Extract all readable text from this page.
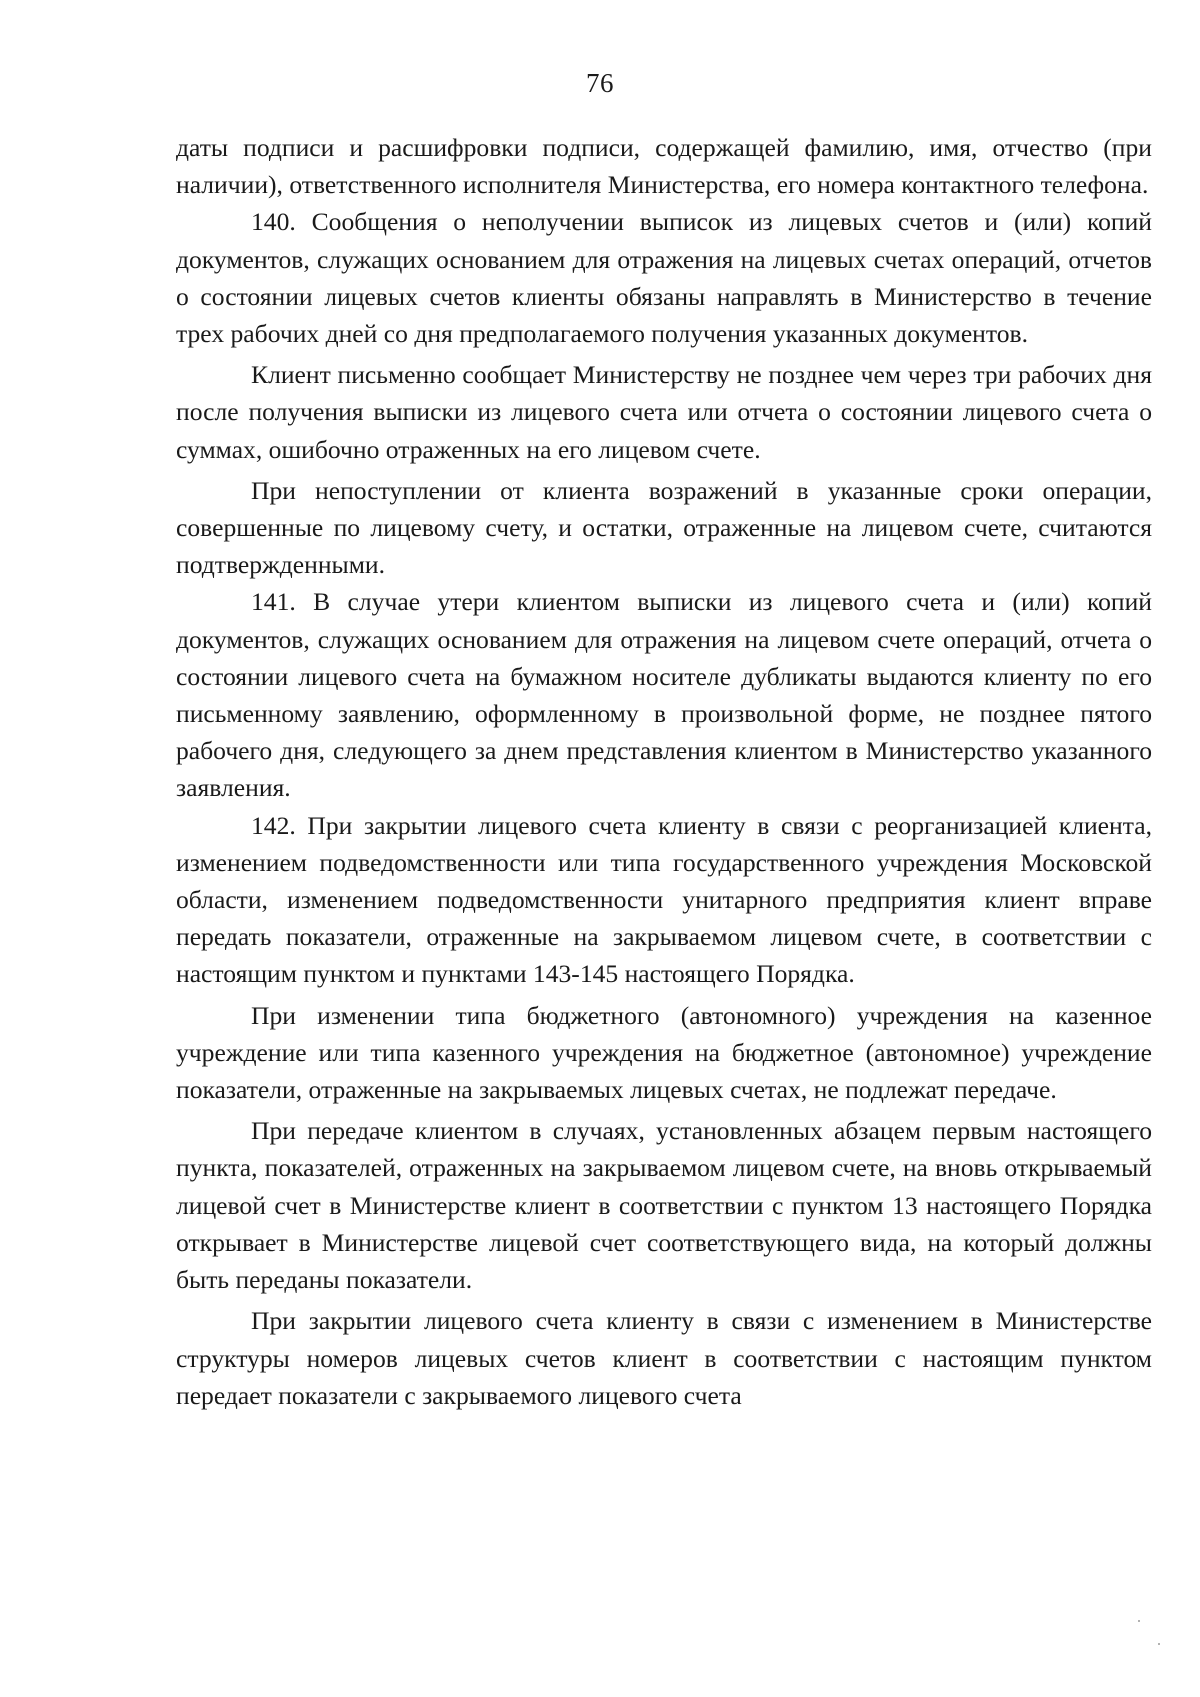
76

даты подписи и расшифровки подписи, содержащей фамилию, имя, отчество (при наличии), ответственного исполнителя Министерства, его номера контактного телефона.

140. Сообщения о неполучении выписок из лицевых счетов и (или) копий документов, служащих основанием для отражения на лицевых счетах операций, отчетов о состоянии лицевых счетов клиенты обязаны направлять в Министерство в течение трех рабочих дней со дня предполагаемого получения указанных документов.

Клиент письменно сообщает Министерству не позднее чем через три рабочих дня после получения выписки из лицевого счета или отчета о состоянии лицевого счета о суммах, ошибочно отраженных на его лицевом счете.

При непоступлении от клиента возражений в указанные сроки операции, совершенные по лицевому счету, и остатки, отраженные на лицевом счете, считаются подтвержденными.

141. В случае утери клиентом выписки из лицевого счета и (или) копий документов, служащих основанием для отражения на лицевом счете операций, отчета о состоянии лицевого счета на бумажном носителе дубликаты выдаются клиенту по его письменному заявлению, оформленному в произвольной форме, не позднее пятого рабочего дня, следующего за днем представления клиентом в Министерство указанного заявления.

142. При закрытии лицевого счета клиенту в связи с реорганизацией клиента, изменением подведомственности или типа государственного учреждения Московской области, изменением подведомственности унитарного предприятия клиент вправе передать показатели, отраженные на закрываемом лицевом счете, в соответствии с настоящим пунктом и пунктами 143-145 настоящего Порядка.

При изменении типа бюджетного (автономного) учреждения на казенное учреждение или типа казенного учреждения на бюджетное (автономное) учреждение показатели, отраженные на закрываемых лицевых счетах, не подлежат передаче.

При передаче клиентом в случаях, установленных абзацем первым настоящего пункта, показателей, отраженных на закрываемом лицевом счете, на вновь открываемый лицевой счет в Министерстве клиент в соответствии с пунктом 13 настоящего Порядка открывает в Министерстве лицевой счет соответствующего вида, на который должны быть переданы показатели.

При закрытии лицевого счета клиенту в связи с изменением в Министерстве структуры номеров лицевых счетов клиент в соответствии с настоящим пунктом передает показатели с закрываемого лицевого счета
